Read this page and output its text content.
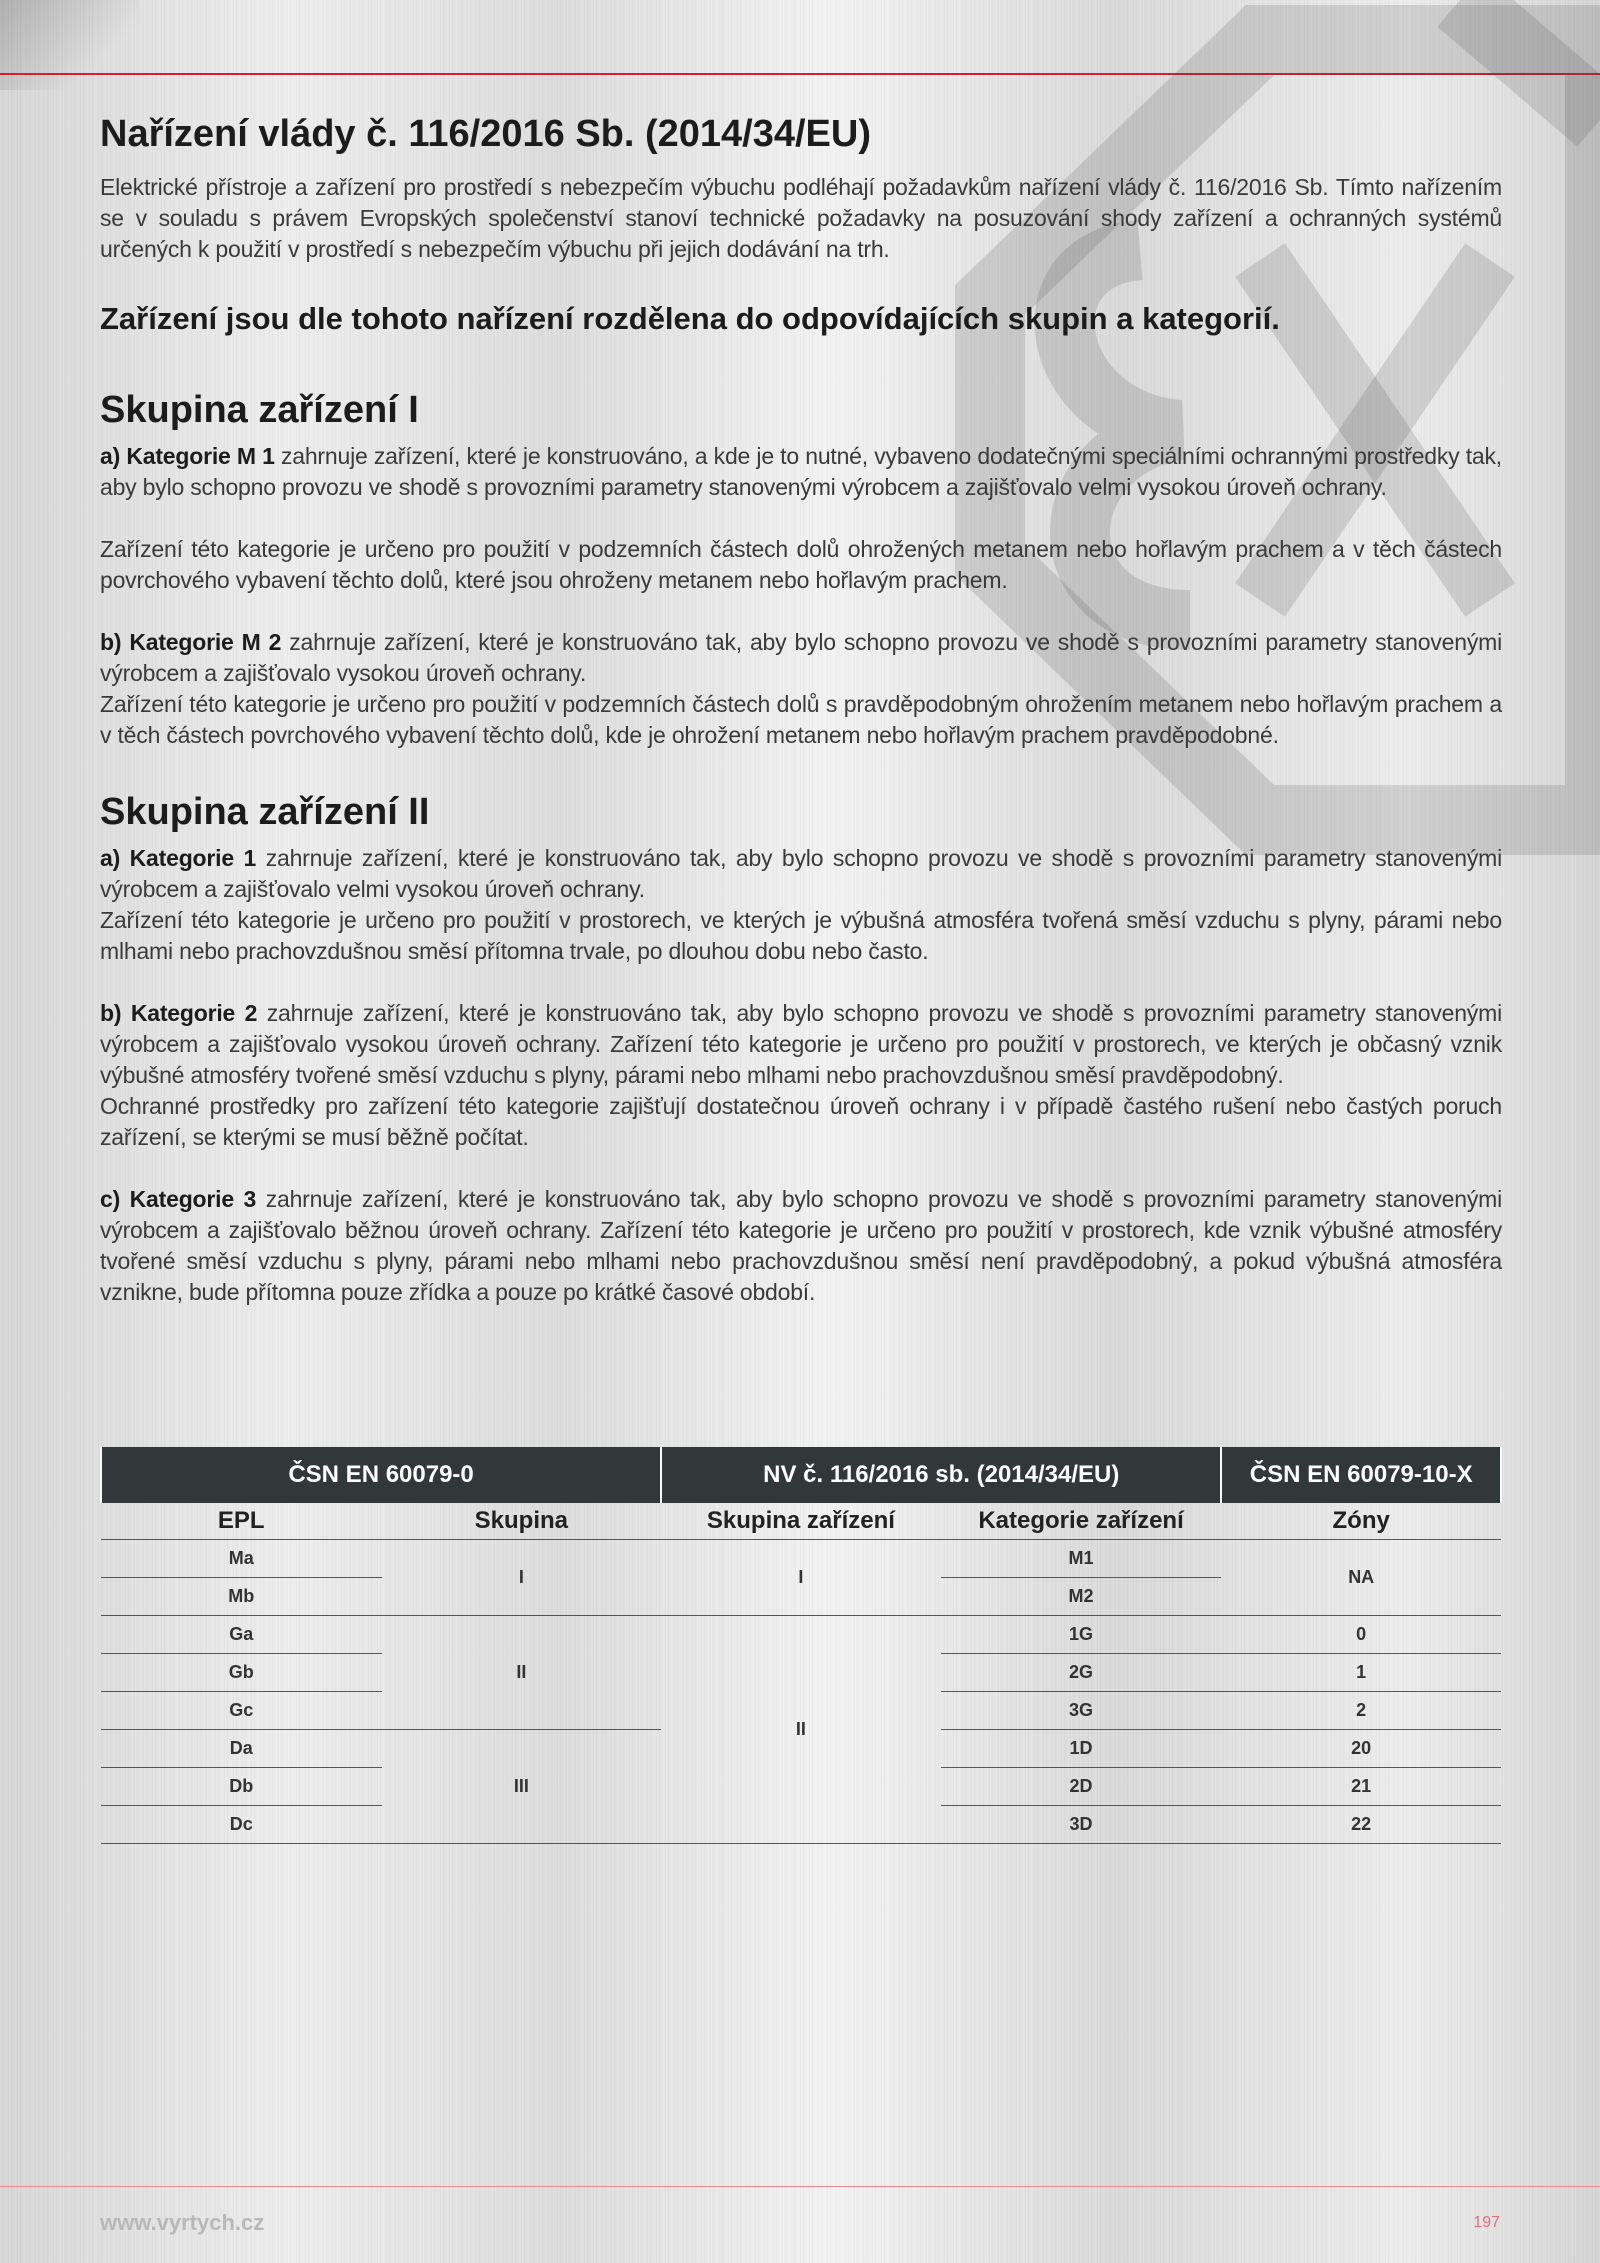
Nařízení vlády č. 116/2016 Sb. (2014/34/EU)

Elektrické přístroje a zařízení pro prostředí s nebezpečím výbuchu podléhají požadavkům nařízení vlády č. 116/2016 Sb. Tímto nařízením se v souladu s právem Evropských společenství stanoví technické požadavky na posuzování shody zařízení a ochranných systémů určených k použití v prostředí s nebezpečím výbuchu při jejich dodávání na trh.

Zařízení jsou dle tohoto nařízení rozdělena do odpovídajících skupin a kategorií.
Skupina zařízení I

a) Kategorie M 1 zahrnuje zařízení, které je konstruováno, a kde je to nutné, vybaveno dodatečnými speciálními ochrannými prostředky tak, aby bylo schopno provozu ve shodě s provozními parametry stanovenými výrobcem a zajišťovalo velmi vysokou úroveň ochrany.

Zařízení této kategorie je určeno pro použití v podzemních částech dolů ohrožených metanem nebo hořlavým prachem a v těch částech povrchového vybavení těchto dolů, které jsou ohroženy metanem nebo hořlavým prachem.

b) Kategorie M 2 zahrnuje zařízení, které je konstruováno tak, aby bylo schopno provozu ve shodě s provozními parametry stanovenými výrobcem a zajišťovalo vysokou úroveň ochrany.

Zařízení této kategorie je určeno pro použití v podzemních částech dolů s pravděpodobným ohrožením metanem nebo hořlavým prachem a v těch částech povrchového vybavení těchto dolů, kde je ohrožení metanem nebo hořlavým prachem pravděpodobné.

Skupina zařízení II

a) Kategorie 1 zahrnuje zařízení, které je konstruováno tak, aby bylo schopno provozu ve shodě s provozními parametry stanovenými výrobcem a zajišťovalo velmi vysokou úroveň ochrany.

Zařízení této kategorie je určeno pro použití v prostorech, ve kterých je výbušná atmosféra tvořená směsí vzduchu s plyny, párami nebo mlhami nebo prachovzdušnou směsí přítomna trvale, po dlouhou dobu nebo často.

b) Kategorie 2 zahrnuje zařízení, které je konstruováno tak, aby bylo schopno provozu ve shodě s provozními parametry stanovenými výrobcem a zajišťovalo vysokou úroveň ochrany. Zařízení této kategorie je určeno pro použití v prostorech, ve kterých je občasný vznik výbušné atmosféry tvořené směsí vzduchu s plyny, párami nebo mlhami nebo prachovzdušnou směsí pravděpodobný.

Ochranné prostředky pro zařízení této kategorie zajišťují dostatečnou úroveň ochrany i v případě častého rušení nebo častých poruch zařízení, se kterými se musí běžně počítat.

c) Kategorie 3 zahrnuje zařízení, které je konstruováno tak, aby bylo schopno provozu ve shodě s provozními parametry stanovenými výrobcem a zajišťovalo běžnou úroveň ochrany. Zařízení této kategorie je určeno pro použití v prostorech, kde vznik výbušné atmosféry tvořené směsí vzduchu s plyny, párami nebo mlhami nebo prachovzdušnou směsí není pravděpodobný, a pokud výbušná atmosféra vznikne, bude přítomna pouze zřídka a pouze po krátké časové období.

ČSN EN 60079-0		NV č. 116/2016 sb. (2014/34/EU)		ČSN EN 60079-10-X
EPL	Skupina	Skupina zařízení	Kategorie zařízení	Zóny
Ma	I	I	M1	NA
Mb			M2	
Ga	II	II	1G	0
Gb			2G	1
Gc			3G	2
Da	III		1D	20
Db			2D	21
Dc			3D	22
www.vyrtych.cz	197
